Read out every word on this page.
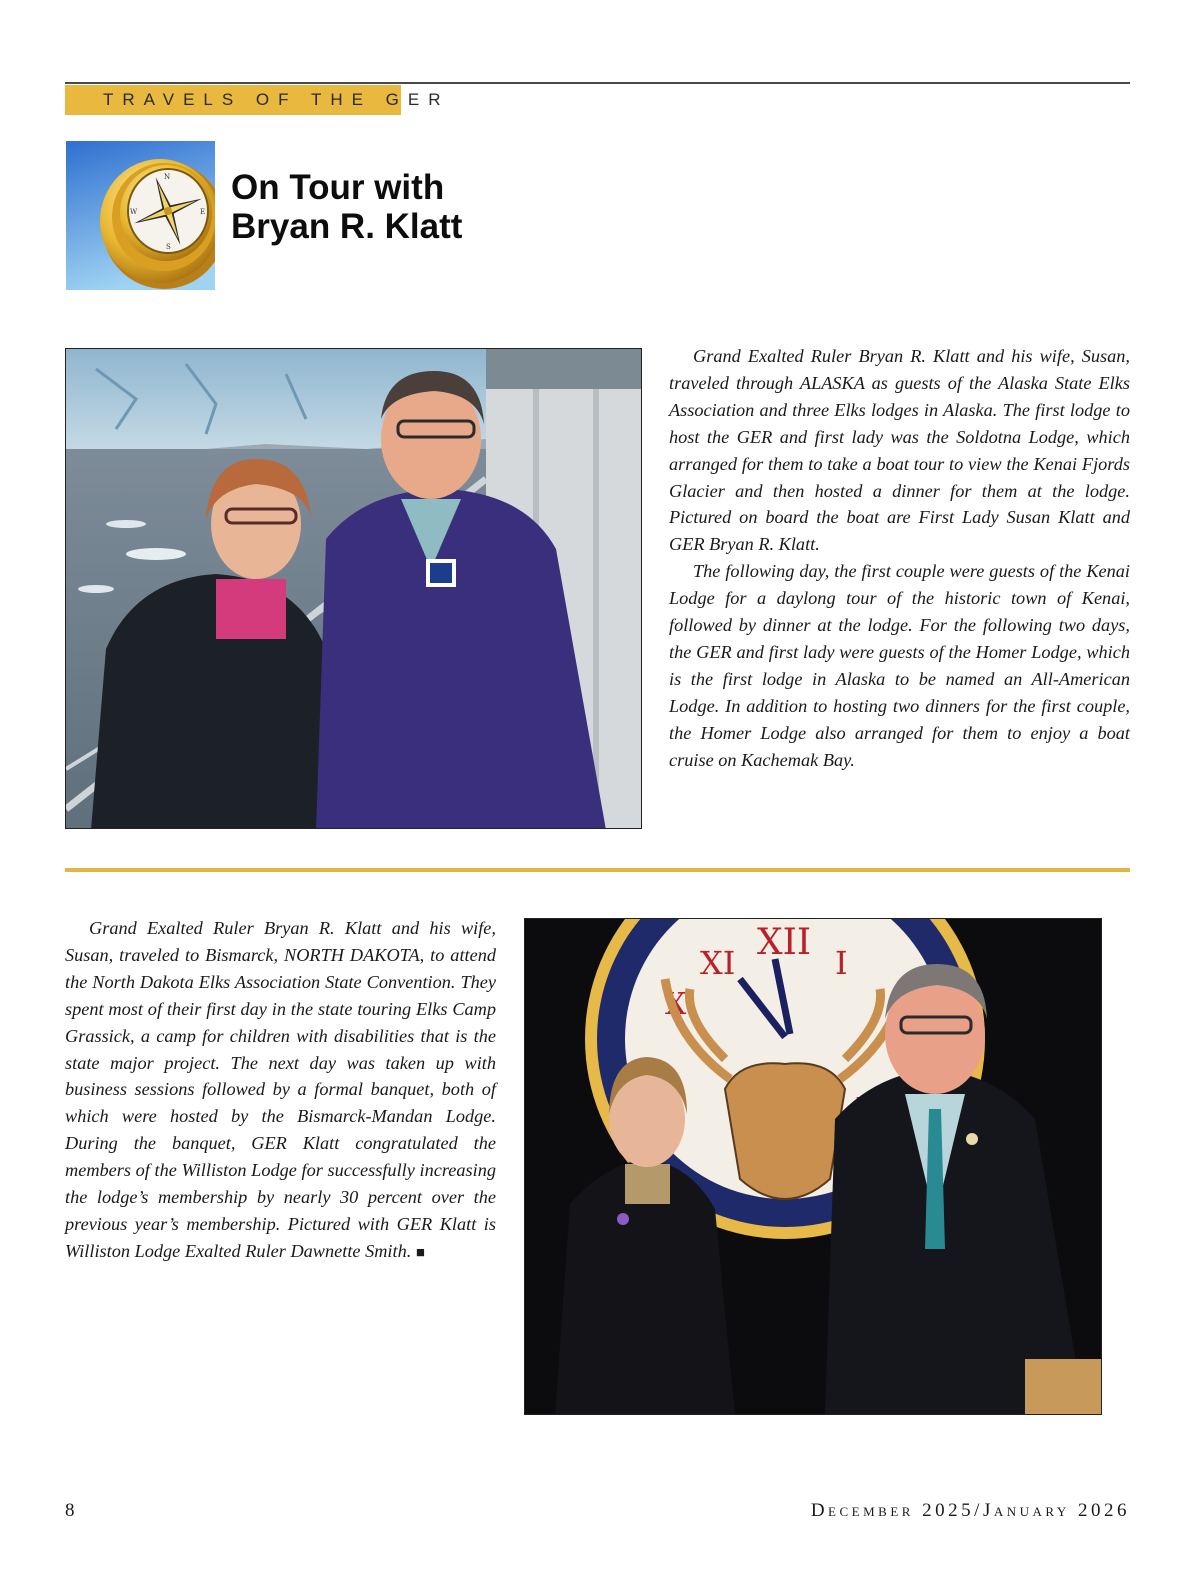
TRAVELS OF THE GER
N
E
W
S
On Tour with
Bryan R. Klatt

Grand Exalted Ruler Bryan R. Klatt and his wife, Susan, traveled through ALASKA as guests of the Alaska State Elks Association and three Elks lodges in Alaska. The first lodge to host the GER and first lady was the Soldotna Lodge, which arranged for them to take a boat tour to view the Kenai Fjords Glacier and then hosted a dinner for them at the lodge. Pictured on board the boat are First Lady Susan Klatt and GER Bryan R. Klatt.

The following day, the first couple were guests of the Kenai Lodge for a daylong tour of the historic town of Kenai, followed by dinner at the lodge. For the following two days, the GER and first lady were guests of the Homer Lodge, which is the first lodge in Alaska to be named an All-American Lodge. In addition to hosting two dinners for the first couple, the Homer Lodge also arranged for them to enjoy a boat cruise on Kachemak Bay.

Grand Exalted Ruler Bryan R. Klatt and his wife, Susan, traveled to Bismarck, NORTH DAKOTA, to attend the North Dakota Elks Association State Convention. They spent most of their first day in the state touring Elks Camp Grassick, a camp for children with disabilities that is the state major project. The next day was taken up with business sessions followed by a formal banquet, both of which were hosted by the Bismarck-Mandan Lodge. During the banquet, GER Klatt congratulated the members of the Williston Lodge for successfully increasing the lodge’s membership by nearly 30 percent over the previous year’s membership. Pictured with GER Klatt is Williston Lodge Exalted Ruler Dawnette Smith. ■

XII
XI	I
X
8	December 2025/January 2026
